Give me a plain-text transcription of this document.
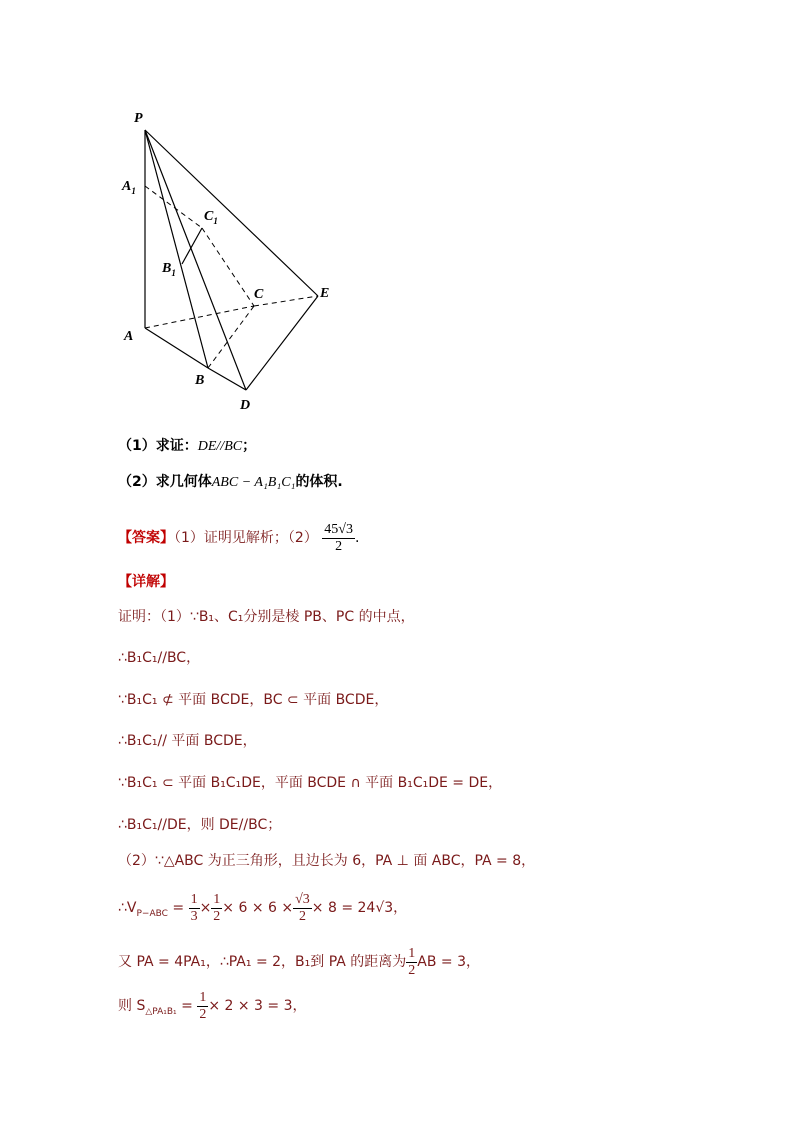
P
$A_1$
$C_1$
$B_1$
C	E
A
B
D
（1）求证：DE//BC；
（2）求几何体ABC − A₁B₁C₁的体积.
【答案】（1）证明见解析；$(2) \frac{45√3}{2}$ .
【详解】
证明：（1）∵B₁、C₁分别是棱 PB、PC 的中点，
∴B₁C₁//BC，
∵B₁C₁ ⊄ 平面 BCDE，BC ⊂ 平面 BCDE，
∴B₁C₁// 平面 BCDE，
∵B₁C₁ ⊂ 平面 B₁C₁DE，平面 BCDE ∩ 平面 B₁C₁DE = DE，
∴B₁C₁//DE，则 DE//BC；
（2）∵△ABC 为正三角形，且边长为 6，PA ⊥ 面 ABC，PA = 8，
$\therefore V_{P-ABC} = \frac{1}{3} \times \frac{1}{2} \times 6 \times 6 \times \frac{√3}{2} \times 8 = 24√3$，
又 PA = 4PA₁，∴PA₁ = 2，B₁到 PA 的距离为 $\frac{1}{2}$ AB = 3，
则 $S_{\triangle PA_1B_1} = \frac{1}{2} \times 2 \times 3 = 3$，
